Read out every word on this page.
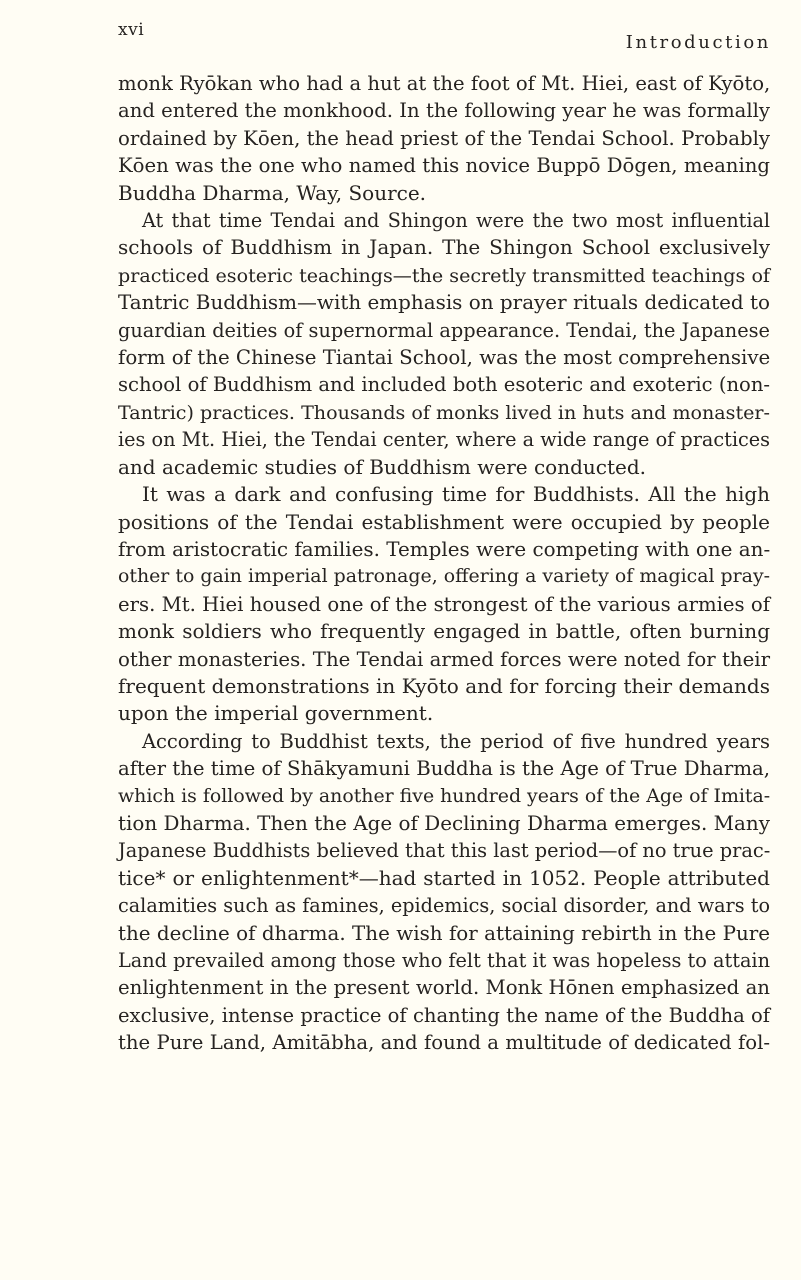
xvi
Introduction
monk Ryōkan who had a hut at the foot of Mt. Hiei, east of Kyōto,
and entered the monkhood. In the following year he was formally
ordained by Kōen, the head priest of the Tendai School. Probably
Kōen was the one who named this novice Buppō Dōgen, meaning
Buddha Dharma, Way, Source.
At that time Tendai and Shingon were the two most influential
schools of Buddhism in Japan. The Shingon School exclusively
practiced esoteric teachings—the secretly transmitted teachings of
Tantric Buddhism—with emphasis on prayer rituals dedicated to
guardian deities of supernormal appearance. Tendai, the Japanese
form of the Chinese Tiantai School, was the most comprehensive
school of Buddhism and included both esoteric and exoteric (non-
Tantric) practices. Thousands of monks lived in huts and monaster-
ies on Mt. Hiei, the Tendai center, where a wide range of practices
and academic studies of Buddhism were conducted.
It was a dark and confusing time for Buddhists. All the high
positions of the Tendai establishment were occupied by people
from aristocratic families. Temples were competing with one an-
other to gain imperial patronage, offering a variety of magical pray-
ers. Mt. Hiei housed one of the strongest of the various armies of
monk soldiers who frequently engaged in battle, often burning
other monasteries. The Tendai armed forces were noted for their
frequent demonstrations in Kyōto and for forcing their demands
upon the imperial government.
According to Buddhist texts, the period of five hundred years
after the time of Shākyamuni Buddha is the Age of True Dharma,
which is followed by another five hundred years of the Age of Imita-
tion Dharma. Then the Age of Declining Dharma emerges. Many
Japanese Buddhists believed that this last period—of no true prac-
tice* or enlightenment*—had started in 1052. People attributed
calamities such as famines, epidemics, social disorder, and wars to
the decline of dharma. The wish for attaining rebirth in the Pure
Land prevailed among those who felt that it was hopeless to attain
enlightenment in the present world. Monk Hōnen emphasized an
exclusive, intense practice of chanting the name of the Buddha of
the Pure Land, Amitābha, and found a multitude of dedicated fol-
